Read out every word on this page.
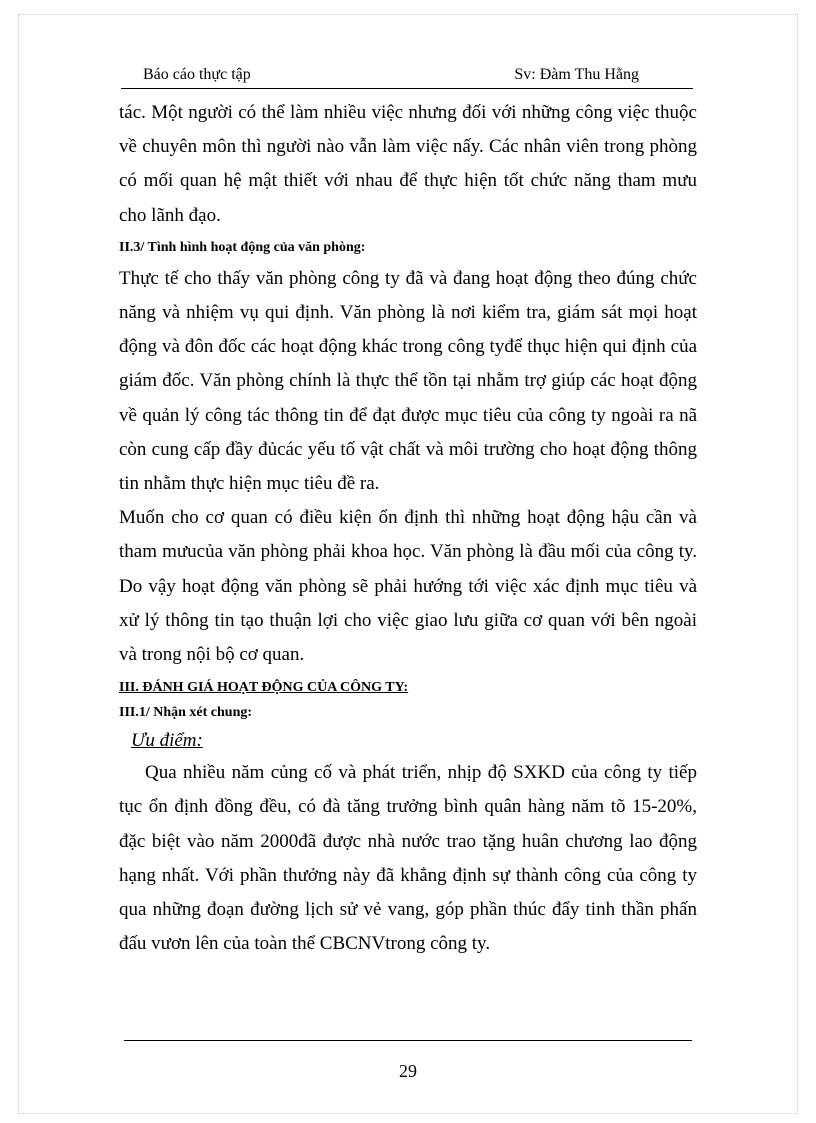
Báo cáo thực tập	Sv: Đàm Thu Hằng

tác. Một người có thể làm nhiều việc nhưng đối với những công việc thuộc về chuyên môn thì người nào vẫn làm việc nấy. Các nhân viên trong phòng có mối quan hệ mật thiết với nhau để thực hiện tốt chức năng tham mưu cho lãnh đạo.

II.3/ Tình hình hoạt động của văn phòng:

Thực tế cho thấy văn phòng công ty đã và đang hoạt động theo đúng chức năng và nhiệm vụ qui định. Văn phòng là nơi kiểm tra, giám sát mọi hoạt động và đôn đốc các hoạt động khác trong công tyđể thục hiện qui định của giám đốc. Văn phòng chính là thực thể tồn tại nhằm trợ giúp các hoạt động về quản lý công tác thông tin để đạt được mục tiêu của công ty ngoài ra nã còn cung cấp đầy đủcác yếu tố vật chất và môi trường cho hoạt động thông tin nhằm thực hiện mục tiêu đề ra.

Muốn cho cơ quan có điều kiện ổn định thì những hoạt động hậu cần và tham mưucủa văn phòng phải khoa học. Văn phòng là đầu mối của công ty. Do vậy hoạt động văn phòng sẽ phải hướng tới việc xác định mục tiêu và xử lý thông tin tạo thuận lợi cho việc giao lưu giữa cơ quan với bên ngoài và trong nội bộ cơ quan.

III. ĐÁNH GIÁ HOẠT ĐỘNG CỦA CÔNG TY:
III.1/ Nhận xét chung:
Ưu điểm:

Qua nhiều năm củng cố và phát triển, nhịp độ SXKD của công ty tiếp tục ổn định đồng đều, có đà tăng trưởng bình quân hàng năm tõ 15-20%, đặc biệt vào năm 2000đã được nhà nước trao tặng huân chương lao động hạng nhất. Với phần thưởng này đã khẳng định sự thành công của công ty qua những đoạn đường lịch sử vẻ vang, góp phần thúc đẩy tinh thần phấn đấu vươn lên của toàn thể CBCNVtrong công ty.

29
